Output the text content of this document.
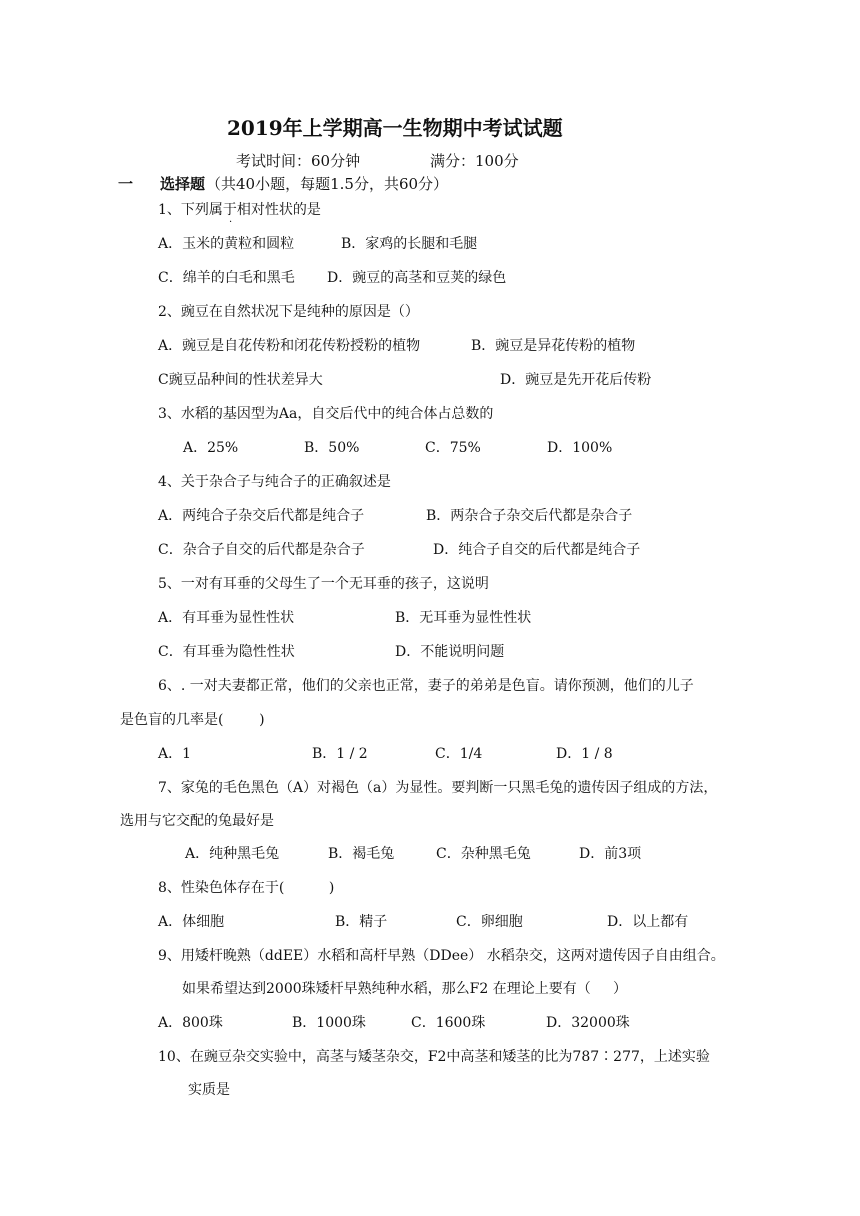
2019年上学期高一生物期中考试试题
考试时间：60分钟	满分：100分
一 选择题 （共40小题，每题1.5分，共60分）
1、下列属于相对性状的是
·
A．玉米的黄粒和圆粒	B．家鸡的长腿和毛腿
C．绵羊的白毛和黑毛 D．豌豆的高茎和豆荚的绿色
2、豌豆在自然状况下是纯种的原因是（）
A．豌豆是自花传粉和闭花传粉授粉的植物	B．豌豆是异花传粉的植物
C豌豆品种间的性状差异大	D．豌豆是先开花后传粉
3、水稻的基因型为Aa，自交后代中的纯合体占总数的
A．25%	B．50%	C．75%	D．100%
4、关于杂合子与纯合子的正确叙述是
A．两纯合子杂交后代都是纯合子	B．两杂合子杂交后代都是杂合子
C．杂合子自交的后代都是杂合子	D．纯合子自交的后代都是纯合子
5、一对有耳垂的父母生了一个无耳垂的孩子，这说明
A．有耳垂为显性性状	B．无耳垂为显性性状
C．有耳垂为隐性性状	D．不能说明问题
6、. 一对夫妻都正常，他们的父亲也正常，妻子的弟弟是色盲。请你预测，他们的儿子
是色盲的几率是(        )
A．1	B．1 / 2	C．1/4	D．1 / 8
7、家兔的毛色黑色（A）对褐色（a）为显性。要判断一只黑毛兔的遗传因子组成的方法，
选用与它交配的兔最好是
A．纯种黑毛兔	B．褐毛兔	C．杂种黑毛兔	D．前3项
8、性染色体存在于(          )
A．体细胞	B．精子	C．卵细胞	D．以上都有
9、用矮杆晚熟（ddEE）水稻和高杆早熟（DDee） 水稻杂交，这两对遗传因子自由组合。
如果希望达到2000珠矮杆早熟纯种水稻，那么F2 在理论上要有（     ）
A．800珠	B．1000珠	C．1600珠	D．32000珠
10、在豌豆杂交实验中，高茎与矮茎杂交，F2中高茎和矮茎的比为787∶277，上述实验
实质是
